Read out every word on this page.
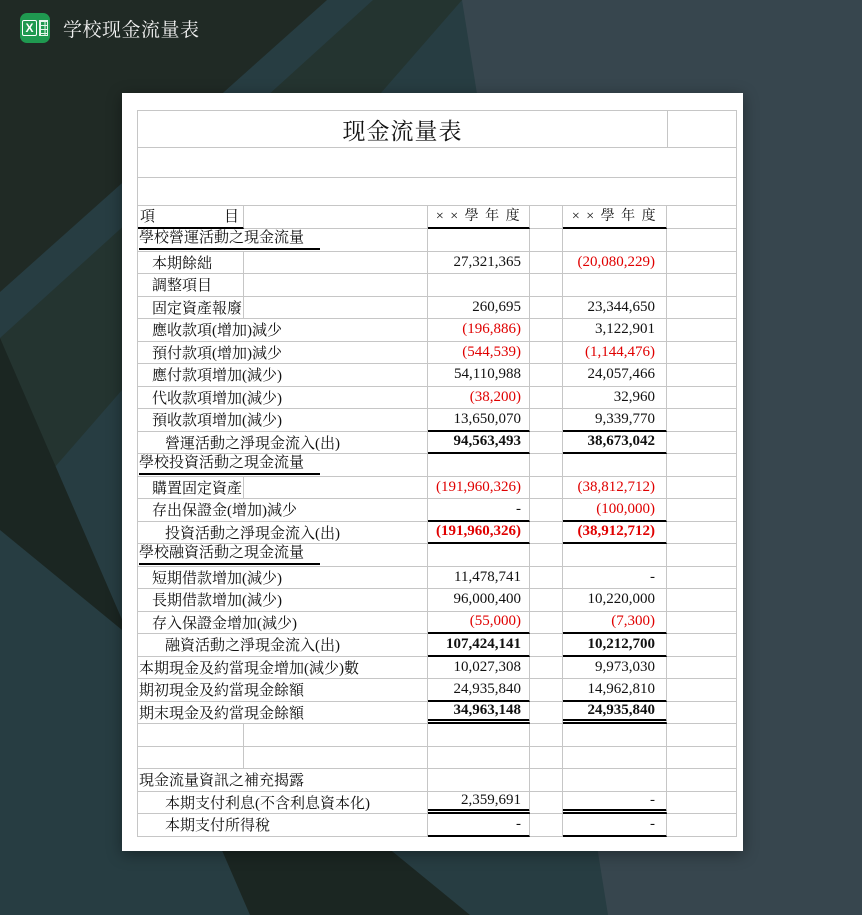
X 学校现金流量表
现金流量表
項	目	× × 學 年 度	× × 學 年 度
學校營運活動之現金流量
本期餘絀	27,321,365	(20,080,229)
調整項目
固定資產報廢	260,695	23,344,650
應收款項(增加)減少	(196,886)	3,122,901
預付款項(增加)減少	(544,539)	(1,144,476)
應付款項增加(減少)	54,110,988	24,057,466
代收款項增加(減少)	(38,200)	32,960
預收款項增加(減少)	13,650,070	9,339,770
營運活動之淨現金流入(出)	94,563,493	38,673,042
學校投資活動之現金流量
購置固定資產	(191,960,326)	(38,812,712)
存出保證金(增加)減少	-	(100,000)
投資活動之淨現金流入(出)	(191,960,326)	(38,912,712)
學校融資活動之現金流量
短期借款增加(減少)	11,478,741	-
長期借款增加(減少)	96,000,400	10,220,000
存入保證金增加(減少)	(55,000)	(7,300)
融資活動之淨現金流入(出)	107,424,141	10,212,700
本期現金及約當現金增加(減少)數	10,027,308	9,973,030
期初現金及約當現金餘額	24,935,840	14,962,810
期末現金及約當現金餘額	34,963,148	24,935,840
現金流量資訊之補充揭露
本期支付利息(不含利息資本化)	2,359,691	-
本期支付所得稅	-	-
